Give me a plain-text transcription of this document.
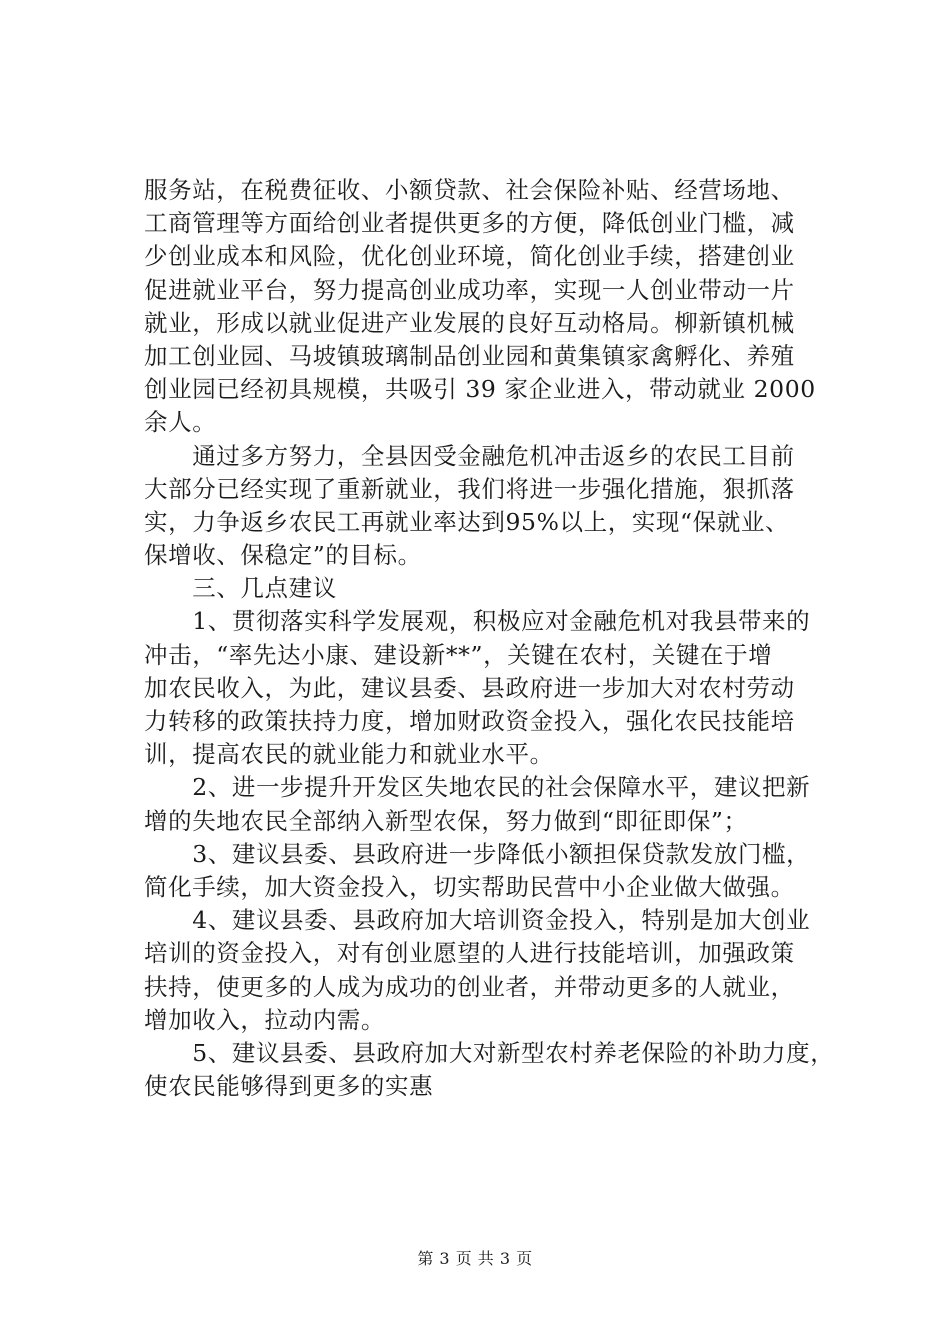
服务站，在税费征收、小额贷款、社会保险补贴、经营场地、
工商管理等方面给创业者提供更多的方便，降低创业门槛，减
少创业成本和风险，优化创业环境，简化创业手续，搭建创业
促进就业平台，努力提高创业成功率，实现一人创业带动一片
就业，形成以就业促进产业发展的良好互动格局。柳新镇机械
加工创业园、马坡镇玻璃制品创业园和黄集镇家禽孵化、养殖
创业园已经初具规模，共吸引 39 家企业进入，带动就业 2000
余人。
　　通过多方努力，全县因受金融危机冲击返乡的农民工目前
大部分已经实现了重新就业，我们将进一步强化措施，狠抓落
实，力争返乡农民工再就业率达到95%以上，实现“保就业、
保增收、保稳定”的目标。
　　三、几点建议
　　1、贯彻落实科学发展观，积极应对金融危机对我县带来的
冲击，“率先达小康、建设新**”，关键在农村，关键在于增
加农民收入，为此，建议县委、县政府进一步加大对农村劳动
力转移的政策扶持力度，增加财政资金投入，强化农民技能培
训，提高农民的就业能力和就业水平。
　　2、进一步提升开发区失地农民的社会保障水平，建议把新
增的失地农民全部纳入新型农保，努力做到“即征即保”；
　　3、建议县委、县政府进一步降低小额担保贷款发放门槛，
简化手续，加大资金投入，切实帮助民营中小企业做大做强。
　　4、建议县委、县政府加大培训资金投入，特别是加大创业
培训的资金投入，对有创业愿望的人进行技能培训，加强政策
扶持，使更多的人成为成功的创业者，并带动更多的人就业，
增加收入，拉动内需。
　　5、建议县委、县政府加大对新型农村养老保险的补助力度，
使农民能够得到更多的实惠
第 3 页 共 3 页
